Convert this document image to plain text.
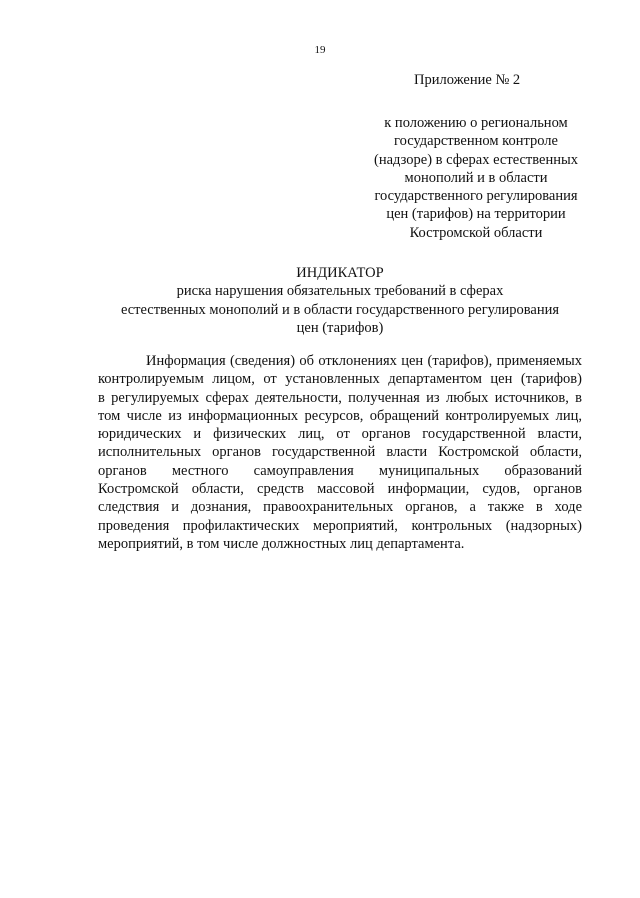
19
Приложение № 2
к положению о региональном
государственном контроле
(надзоре) в сферах естественных
монополий и в области
государственного регулирования
цен (тарифов) на территории
Костромской области
ИНДИКАТОР
риска нарушения обязательных требований в сферах
естественных монополий и в области государственного регулирования
цен (тарифов)
Информация (сведения) об отклонениях цен (тарифов), применяемых
контролируемым лицом, от установленных департаментом цен (тарифов)
в регулируемых сферах деятельности, полученная из любых источников, в
том числе из информационных ресурсов, обращений контролируемых лиц,
юридических и физических лиц, от органов государственной власти,
исполнительных органов государственной власти Костромской области,
органов местного самоуправления муниципальных образований
Костромской области, средств массовой информации, судов, органов
следствия и дознания, правоохранительных органов, а также в ходе
проведения профилактических мероприятий, контрольных (надзорных)
мероприятий, в том числе должностных лиц департамента.
